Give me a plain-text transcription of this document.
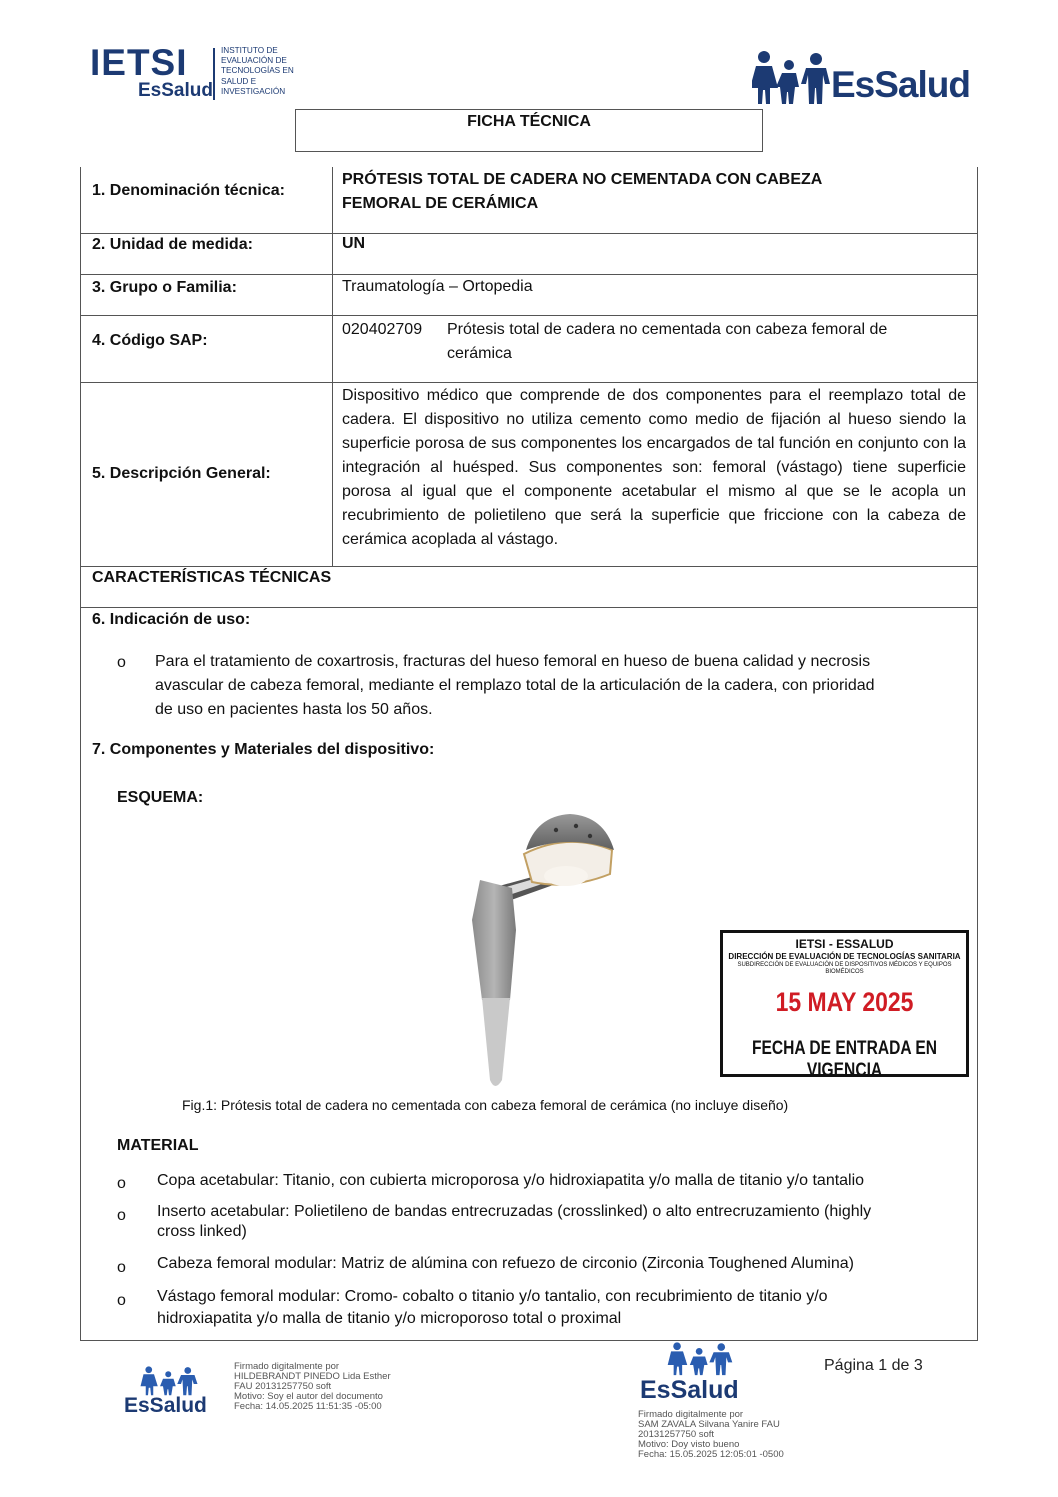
IETSI
EsSalud
INSTITUTO DE
EVALUACIÓN DE
TECNOLOGÍAS EN
SALUD E
INVESTIGACIÓN	EsSalud
FICHA TÉCNICA
1. Denominación técnica:
PRÓTESIS TOTAL DE CADERA NO CEMENTADA CON CABEZA
FEMORAL DE CERÁMICA
2. Unidad de medida:	UN
3. Grupo o Familia:	Traumatología – Ortopedia
4. Código SAP:
020402709 Prótesis total de cadera no cementada con cabeza femoral de
cerámica
5. Descripción General:
Dispositivo médico que comprende de dos componentes para el reemplazo total de cadera. El dispositivo no utiliza cemento como medio de fijación al hueso siendo la superficie porosa de sus componentes los encargados de tal función en conjunto con la integración al huésped. Sus componentes son: femoral (vástago) tiene superficie porosa al igual que el componente acetabular el mismo al que se le acopla un recubrimiento de polietileno que será la superficie que friccione con la cabeza de cerámica acoplada al vástago.
CARACTERÍSTICAS TÉCNICAS
6. Indicación de uso:
o Para el tratamiento de coxartrosis, fracturas del hueso femoral en hueso de buena calidad y necrosis
avascular de cabeza femoral, mediante el remplazo total de la articulación de la cadera, con prioridad
de uso en pacientes hasta los 50 años.
7. Componentes y Materiales del dispositivo:
ESQUEMA:
Fig.1: Prótesis total de cadera no cementada con cabeza femoral de cerámica (no incluye diseño)
IETSI - ESSALUD
DIRECCIÓN DE EVALUACIÓN DE TECNOLOGÍAS SANITARIA
SUBDIRECCIÓN DE EVALUACIÓN DE DISPOSITIVOS MÉDICOS Y EQUIPOS BIOMÉDICOS
15 MAY 2025
FECHA DE ENTRADA EN VIGENCIA
MATERIAL
o Copa acetabular: Titanio, con cubierta microporosa y/o hidroxiapatita y/o malla de titanio y/o tantalio
o Inserto acetabular: Polietileno de bandas entrecruzadas (crosslinked) o alto entrecruzamiento (highly
cross linked)
o Cabeza femoral modular: Matriz de alúmina con refuezo de circonio (Zirconia Toughened Alumina)
o Vástago femoral modular: Cromo- cobalto o titanio y/o tantalio, con recubrimiento de titanio y/o
hidroxiapatita y/o malla de titanio y/o microporoso total o proximal
EsSalud
Firmado digitalmente por
HILDEBRANDT PINEDO Lida Esther
FAU 20131257750 soft
Motivo: Soy el autor del documento
Fecha: 14.05.2025 11:51:35 -05:00
EsSalud
Firmado digitalmente por
SAM ZAVALA Silvana Yanire FAU
20131257750 soft
Motivo: Doy visto bueno
Fecha: 15.05.2025 12:05:01 -0500
Página 1 de 3
